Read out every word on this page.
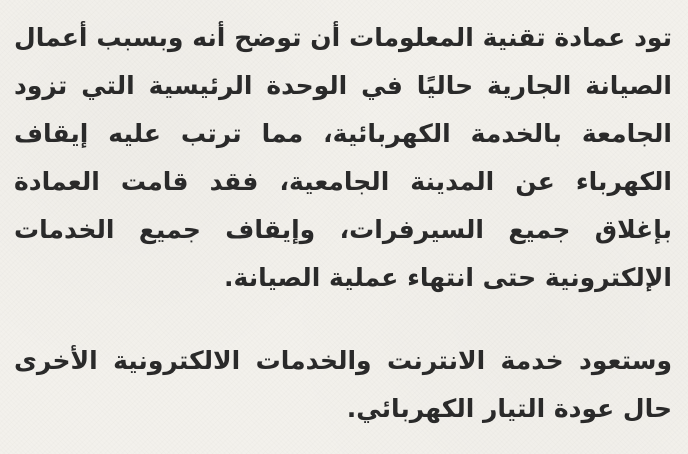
تود عمادة تقنية المعلومات أن توضح أنه وبسبب أعمال الصيانة الجارية حاليًا في الوحدة الرئيسية التي تزود الجامعة بالخدمة الكهربائية، مما ترتب عليه إيقاف الكهرباء عن المدينة الجامعية، فقد قامت العمادة بإغلاق جميع السيرفرات، وإيقاف جميع الخدمات الإلكترونية حتى انتهاء عملية الصيانة.

وستعود خدمة الانترنت والخدمات الالكترونية الأخرى حال عودة التيار الكهربائي.
